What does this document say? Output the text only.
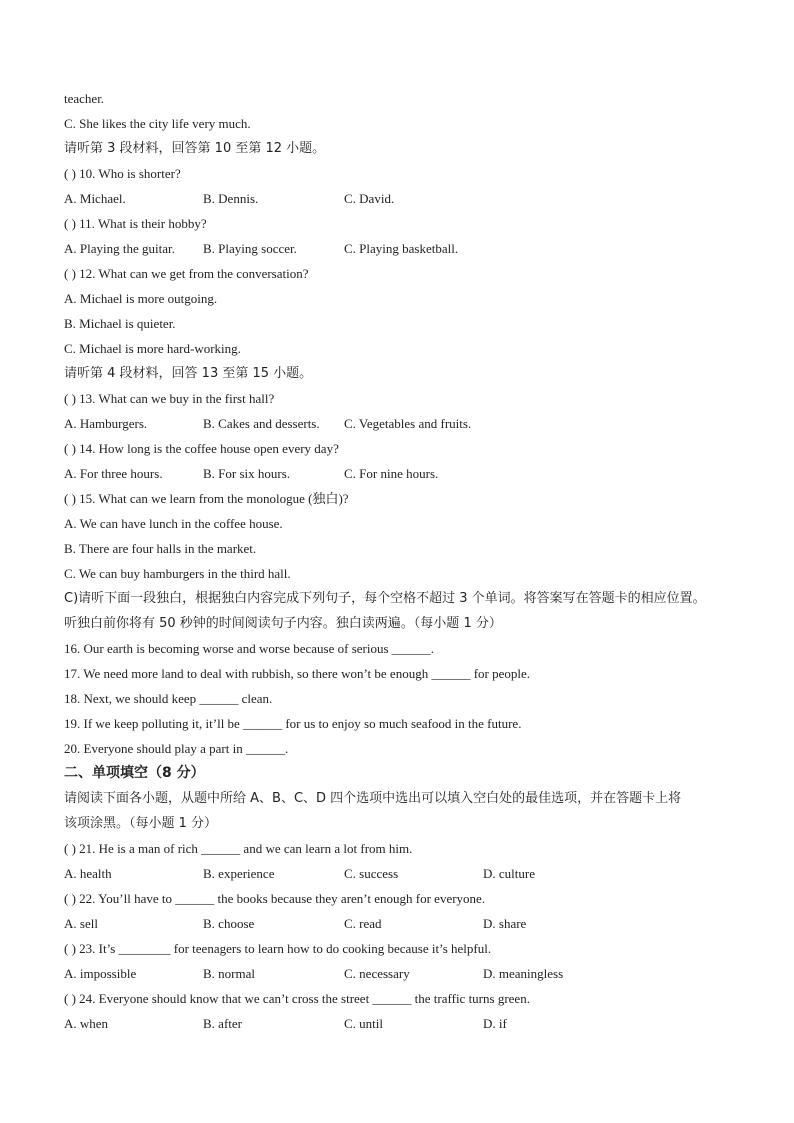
teacher.
C. She likes the city life very much.
请听第 3 段材料，回答第 10 至第 12 小题。
( ) 10. Who is shorter?
A. Michael.	B. Dennis.	C. David.
( ) 11. What is their hobby?
A. Playing the guitar. B. Playing soccer.	C. Playing basketball.
( ) 12. What can we get from the conversation?
A. Michael is more outgoing.
B. Michael is quieter.
C. Michael is more hard-working.
请听第 4 段材料，回答 13 至第 15 小题。
( ) 13. What can we buy in the first hall?
A. Hamburgers.	B. Cakes and desserts. C. Vegetables and fruits.
( ) 14. How long is the coffee house open every day?
A. For three hours.	B. For six hours.	C. For nine hours.
( ) 15. What can we learn from the monologue (独白)?
A. We can have lunch in the coffee house.
B. There are four halls in the market.
C. We can buy hamburgers in the third hall.
C)请听下面一段独白，根据独白内容完成下列句子，每个空格不超过 3 个单词。将答案写在答题卡的相应位置。
听独白前你将有 50 秒钟的时间阅读句子内容。独白读两遍。（每小题 1 分）
16. Our earth is becoming worse and worse because of serious ______.
17. We need more land to deal with rubbish, so there won’t be enough ______ for people.
18. Next, we should keep ______ clean.
19. If we keep polluting it, it’ll be ______ for us to enjoy so much seafood in the future.
20. Everyone should play a part in ______.
二、单项填空（8 分）
请阅读下面各小题，从题中所给 A、B、C、D 四个选项中选出可以填入空白处的最佳选项，并在答题卡上将
该项涂黑。（每小题 1 分）
( ) 21. He is a man of rich ______ and we can learn a lot from him.
A. health	B. experience	C. success	D. culture
( ) 22. You’ll have to ______ the books because they aren’t enough for everyone.
A. sell	B. choose	C. read	D. share
( ) 23. It’s ________ for teenagers to learn how to do cooking because it’s helpful.
A. impossible	B. normal	C. necessary	D. meaningless
( ) 24. Everyone should know that we can’t cross the street ______ the traffic turns green.
A. when	B. after	C. until	D. if
